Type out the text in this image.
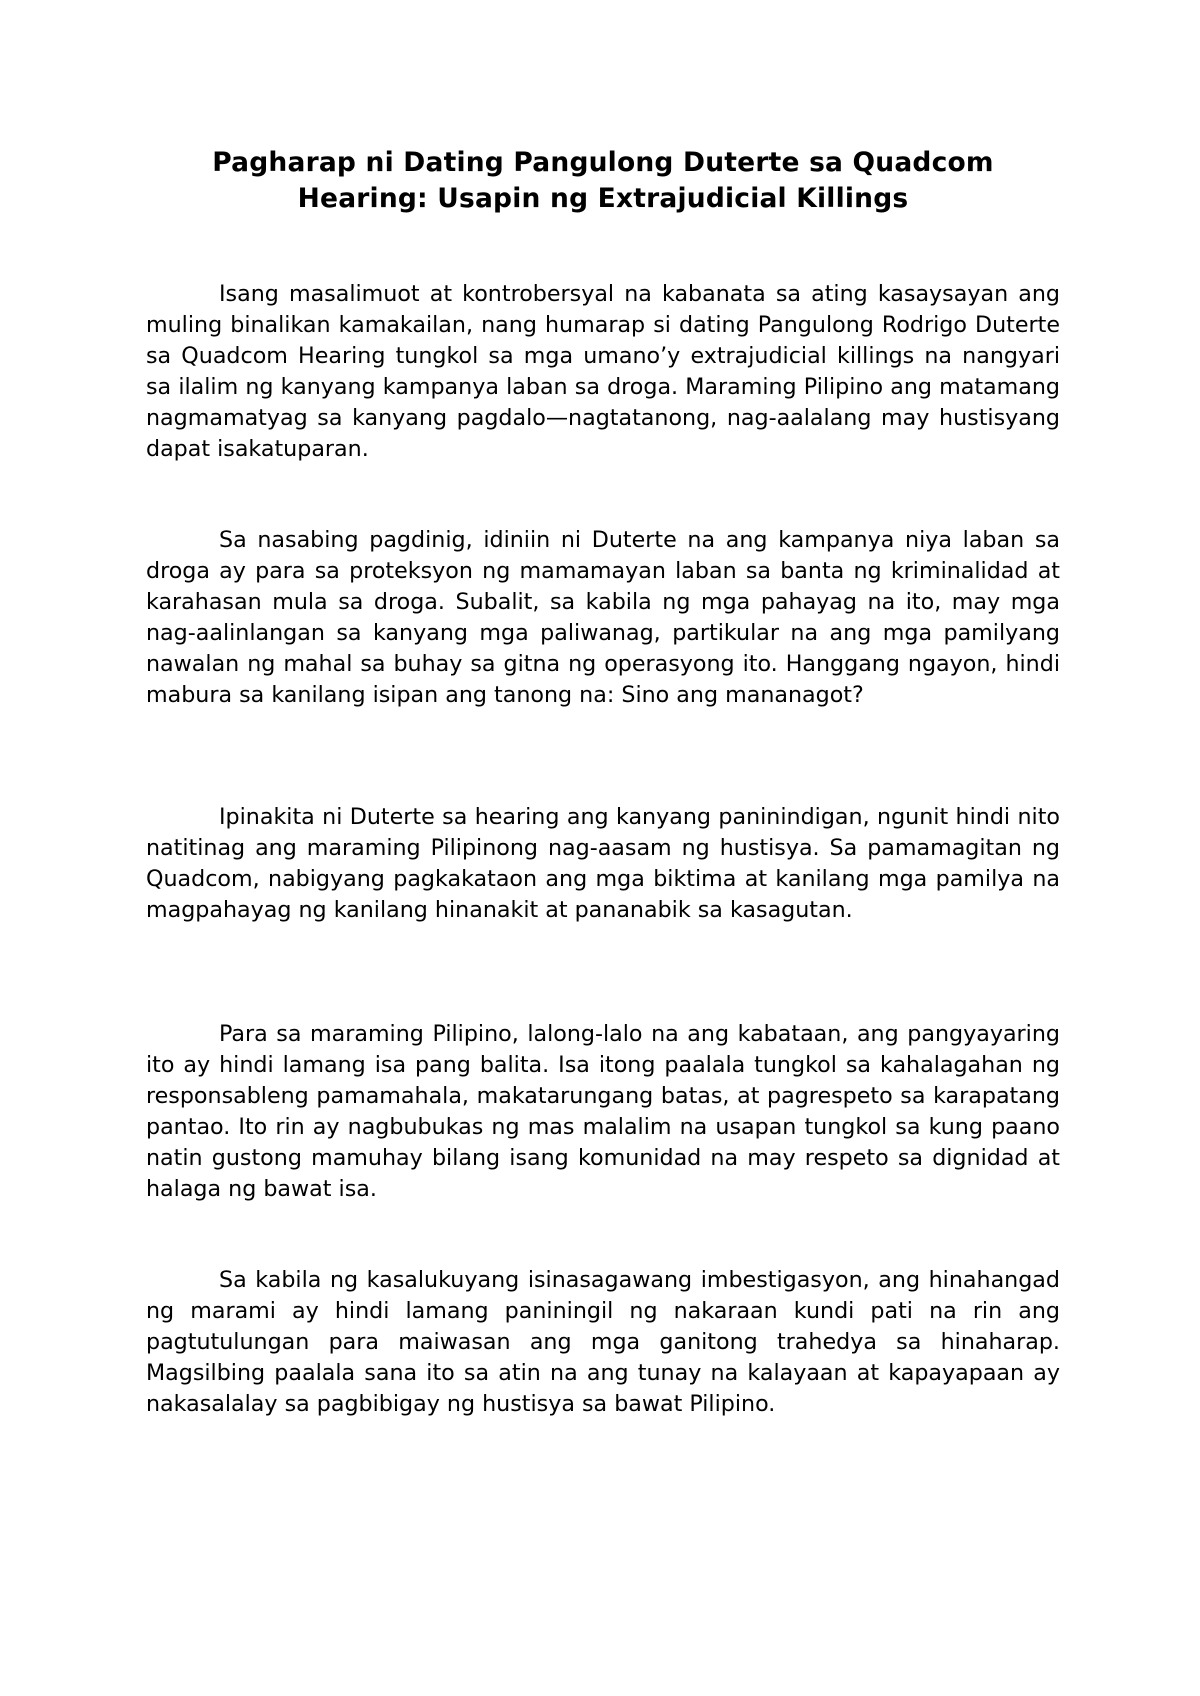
Pagharap ni Dating Pangulong Duterte sa Quadcom
Hearing: Usapin ng Extrajudicial Killings

Isang masalimuot at kontrobersyal na kabanata sa ating kasaysayan ang muling binalikan kamakailan, nang humarap si dating Pangulong Rodrigo Duterte sa Quadcom Hearing tungkol sa mga umano’y extrajudicial killings na nangyari sa ilalim ng kanyang kampanya laban sa droga. Maraming Pilipino ang matamang nagmamatyag sa kanyang pagdalo—nagtatanong, nag-aalalang may hustisyang dapat isakatuparan.

Sa nasabing pagdinig, idiniin ni Duterte na ang kampanya niya laban sa droga ay para sa proteksyon ng mamamayan laban sa banta ng kriminalidad at karahasan mula sa droga. Subalit, sa kabila ng mga pahayag na ito, may mga nag-aalinlangan sa kanyang mga paliwanag, partikular na ang mga pamilyang nawalan ng mahal sa buhay sa gitna ng operasyong ito. Hanggang ngayon, hindi mabura sa kanilang isipan ang tanong na: Sino ang mananagot?

Ipinakita ni Duterte sa hearing ang kanyang paninindigan, ngunit hindi nito natitinag ang maraming Pilipinong nag-aasam ng hustisya. Sa pamamagitan ng Quadcom, nabigyang pagkakataon ang mga biktima at kanilang mga pamilya na magpahayag ng kanilang hinanakit at pananabik sa kasagutan.

Para sa maraming Pilipino, lalong-lalo na ang kabataan, ang pangyayaring ito ay hindi lamang isa pang balita. Isa itong paalala tungkol sa kahalagahan ng responsableng pamamahala, makatarungang batas, at pagrespeto sa karapatang pantao. Ito rin ay nagbubukas ng mas malalim na usapan tungkol sa kung paano natin gustong mamuhay bilang isang komunidad na may respeto sa dignidad at halaga ng bawat isa.

Sa kabila ng kasalukuyang isinasagawang imbestigasyon, ang hinahangad ng marami ay hindi lamang paniningil ng nakaraan kundi pati na rin ang pagtutulungan para maiwasan ang mga ganitong trahedya sa hinaharap. Magsilbing paalala sana ito sa atin na ang tunay na kalayaan at kapayapaan ay nakasalalay sa pagbibigay ng hustisya sa bawat Pilipino.
